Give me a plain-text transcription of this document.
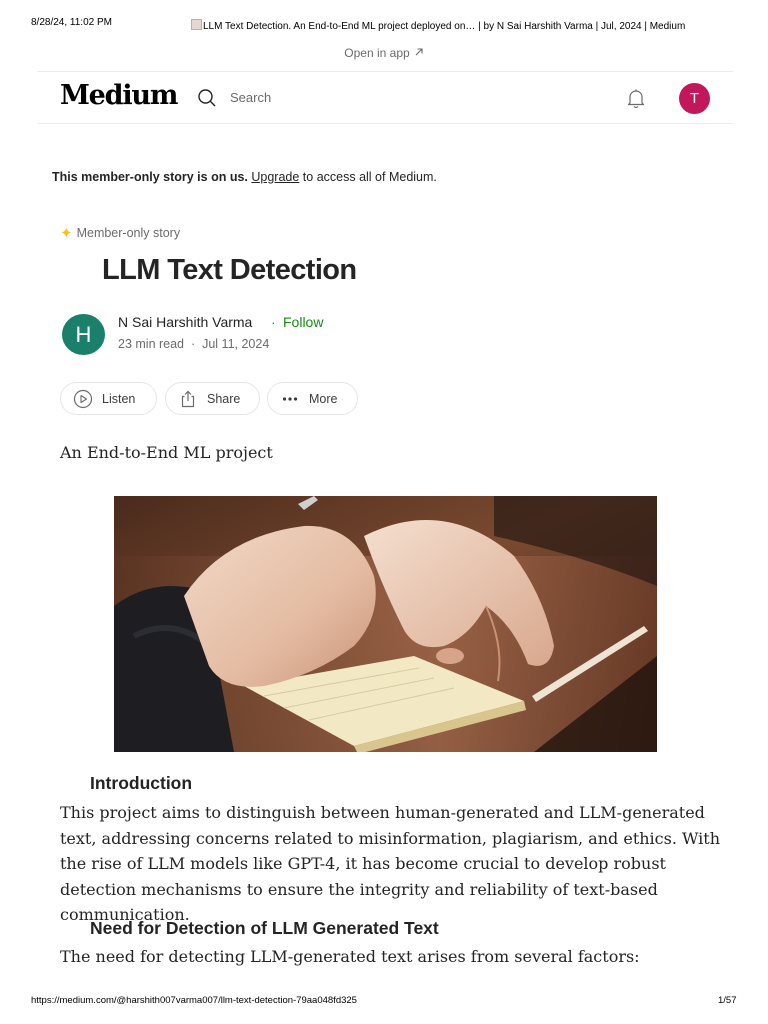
8/28/24, 11:02 PM	LLM Text Detection. An End-to-End ML project deployed on… | by N Sai Harshith Varma | Jul, 2024 | Medium
Open in app
Medium
Search	T
This member-only story is on us. Upgrade to access all of Medium.
✦ Member-only story
LLM Text Detection
H	N Sai Harshith Varma · Follow
23 min read · Jul 11, 2024
Listen	Share	More
An End-to-End ML project
Introduction
This project aims to distinguish between human-generated and LLM-generated text, addressing concerns related to misinformation, plagiarism, and ethics. With the rise of LLM models like GPT-4, it has become crucial to develop robust detection mechanisms to ensure the integrity and reliability of text-based communication.
Need for Detection of LLM Generated Text
The need for detecting LLM-generated text arises from several factors:
https://medium.com/@harshith007varma007/llm-text-detection-79aa048fd325	1/57
